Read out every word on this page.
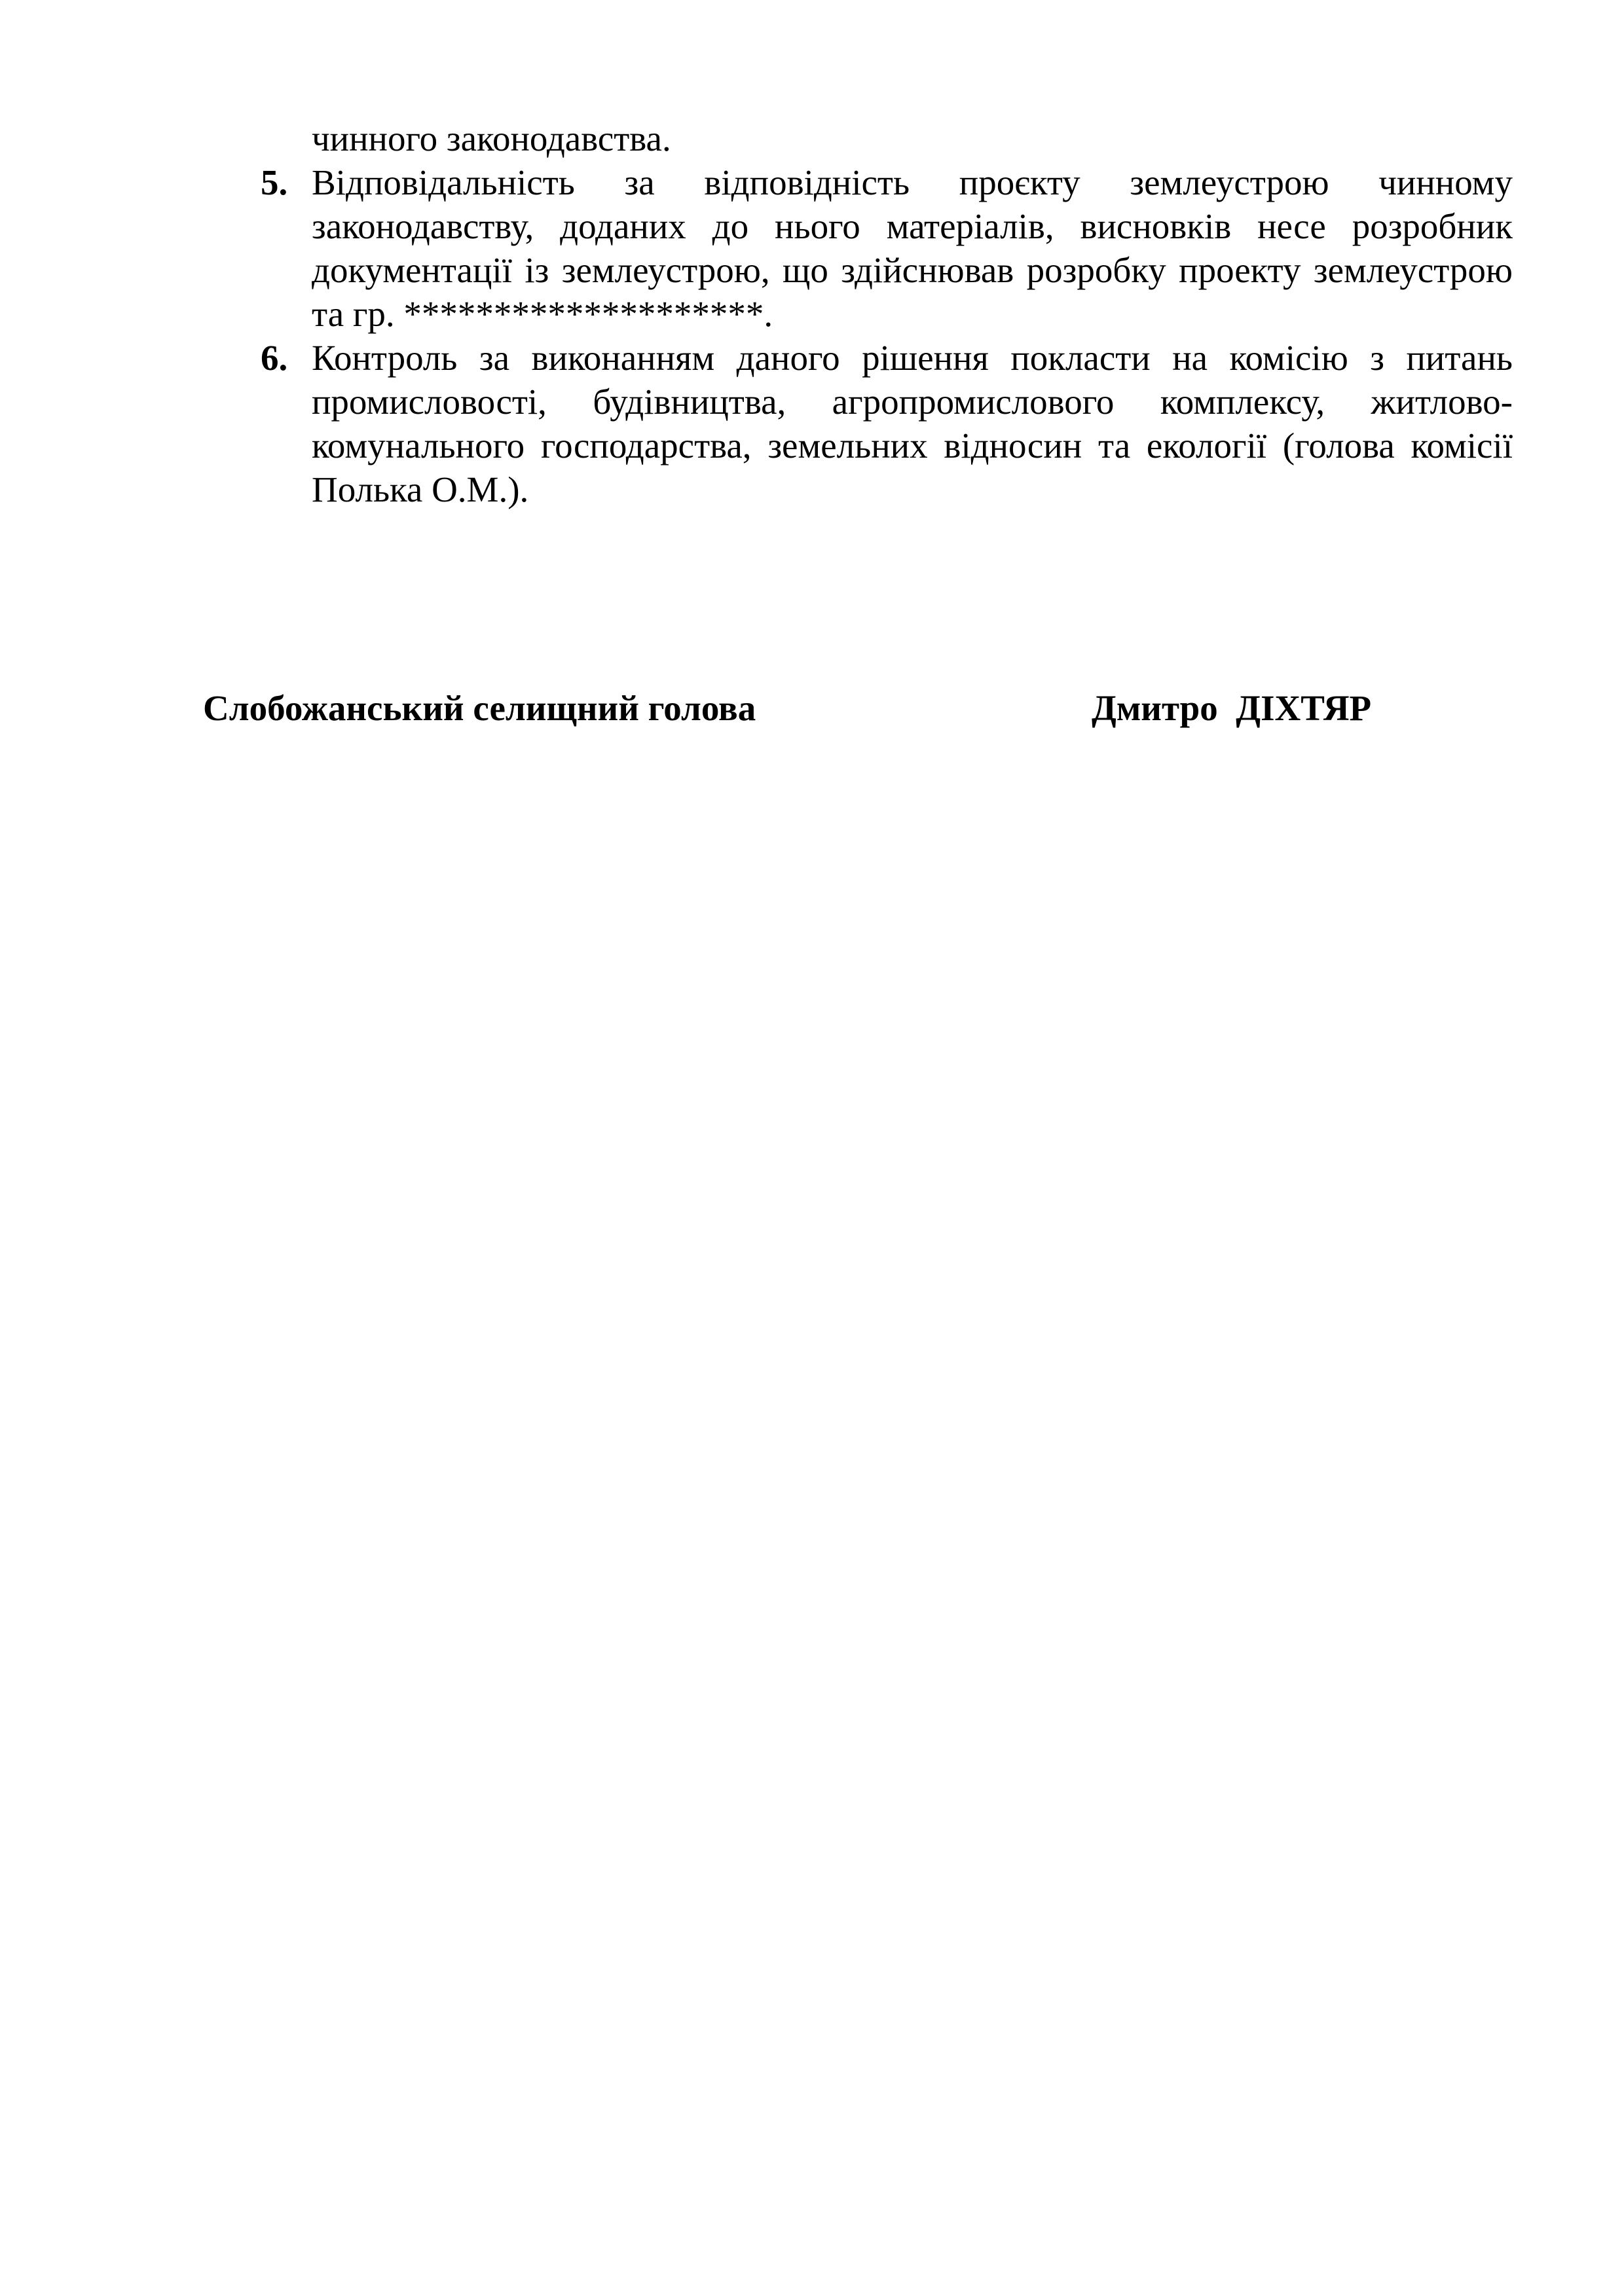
чинного законодавства.

5. Відповідальність за відповідність проєкту землеустрою чинному законодавству, доданих до нього матеріалів, висновків несе розробник документації із землеустрою, що здійснював розробку проекту землеустрою та гр. ********************.
6. Контроль за виконанням даного рішення покласти на комісію з питань промисловості, будівництва, агропромислового комплексу, житлово-комунального господарства, земельних відносин та екології (голова комісії Полька О.М.).
Слобожанський селищний голова	Дмитро  ДІХТЯР
